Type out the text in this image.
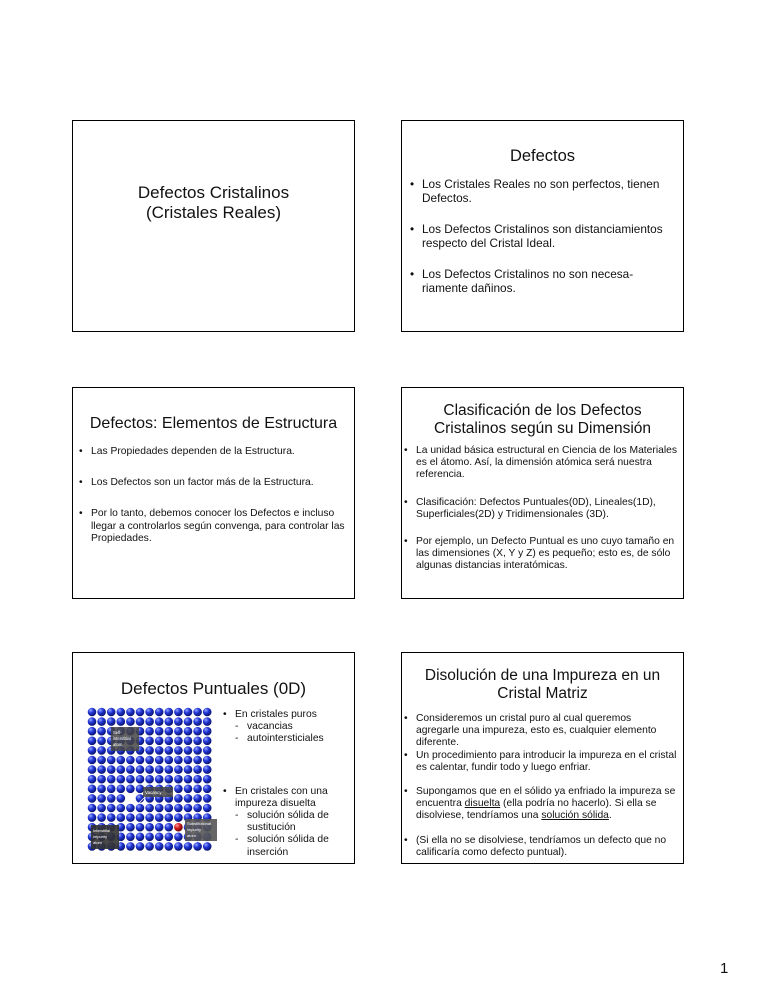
Defectos Cristalinos
(Cristales Reales)
Defectos
• Los Cristales Reales no son perfectos, tienen Defectos.
• Los Defectos Cristalinos son distanciamientos respecto del Cristal Ideal.
• Los Defectos Cristalinos no son necesa-riamente dañinos.
Defectos: Elementos de Estructura
• Las Propiedades dependen de la Estructura.
• Los Defectos son un factor más de la Estructura.
• Por lo tanto, debemos conocer los Defectos e incluso llegar a controlarlos según convenga, para controlar las Propiedades.
Clasificación de los Defectos Cristalinos según su Dimensión
• La unidad básica estructural en Ciencia de los Materiales es el átomo. Así, la dimensión atómica será nuestra referencia.
• Clasificación: Defectos Puntuales(0D), Lineales(1D), Superficiales(2D) y Tridimensionales (3D).
• Por ejemplo, un Defecto Puntual es uno cuyo tamaño en las dimensiones (X, Y y Z) es pequeño; esto es, de sólo algunas distancias interatómicas.
Defectos Puntuales (0D)
Self-
interstitial
atom
Vacancy
Substitutional
impurity
atom
Interstitial
impurity
atom
• En cristales puros
- vacancias
- autointersticiales
• En cristales con una impureza disuelta
- solución sólida de sustitución
- solución sólida de inserción
Disolución de una Impureza en un Cristal Matriz
• Consideremos un cristal puro al cual queremos agregarle una impureza, esto es, cualquier elemento diferente.
• Un procedimiento para introducir la impureza en el cristal es calentar, fundir todo y luego enfriar.
• Supongamos que en el sólido ya enfriado la impureza se encuentra disuelta (ella podría no hacerlo). Si ella se disolviese, tendríamos una solución sólida.
• (Si ella no se disolviese, tendríamos un defecto que no calificaría como defecto puntual).
1
